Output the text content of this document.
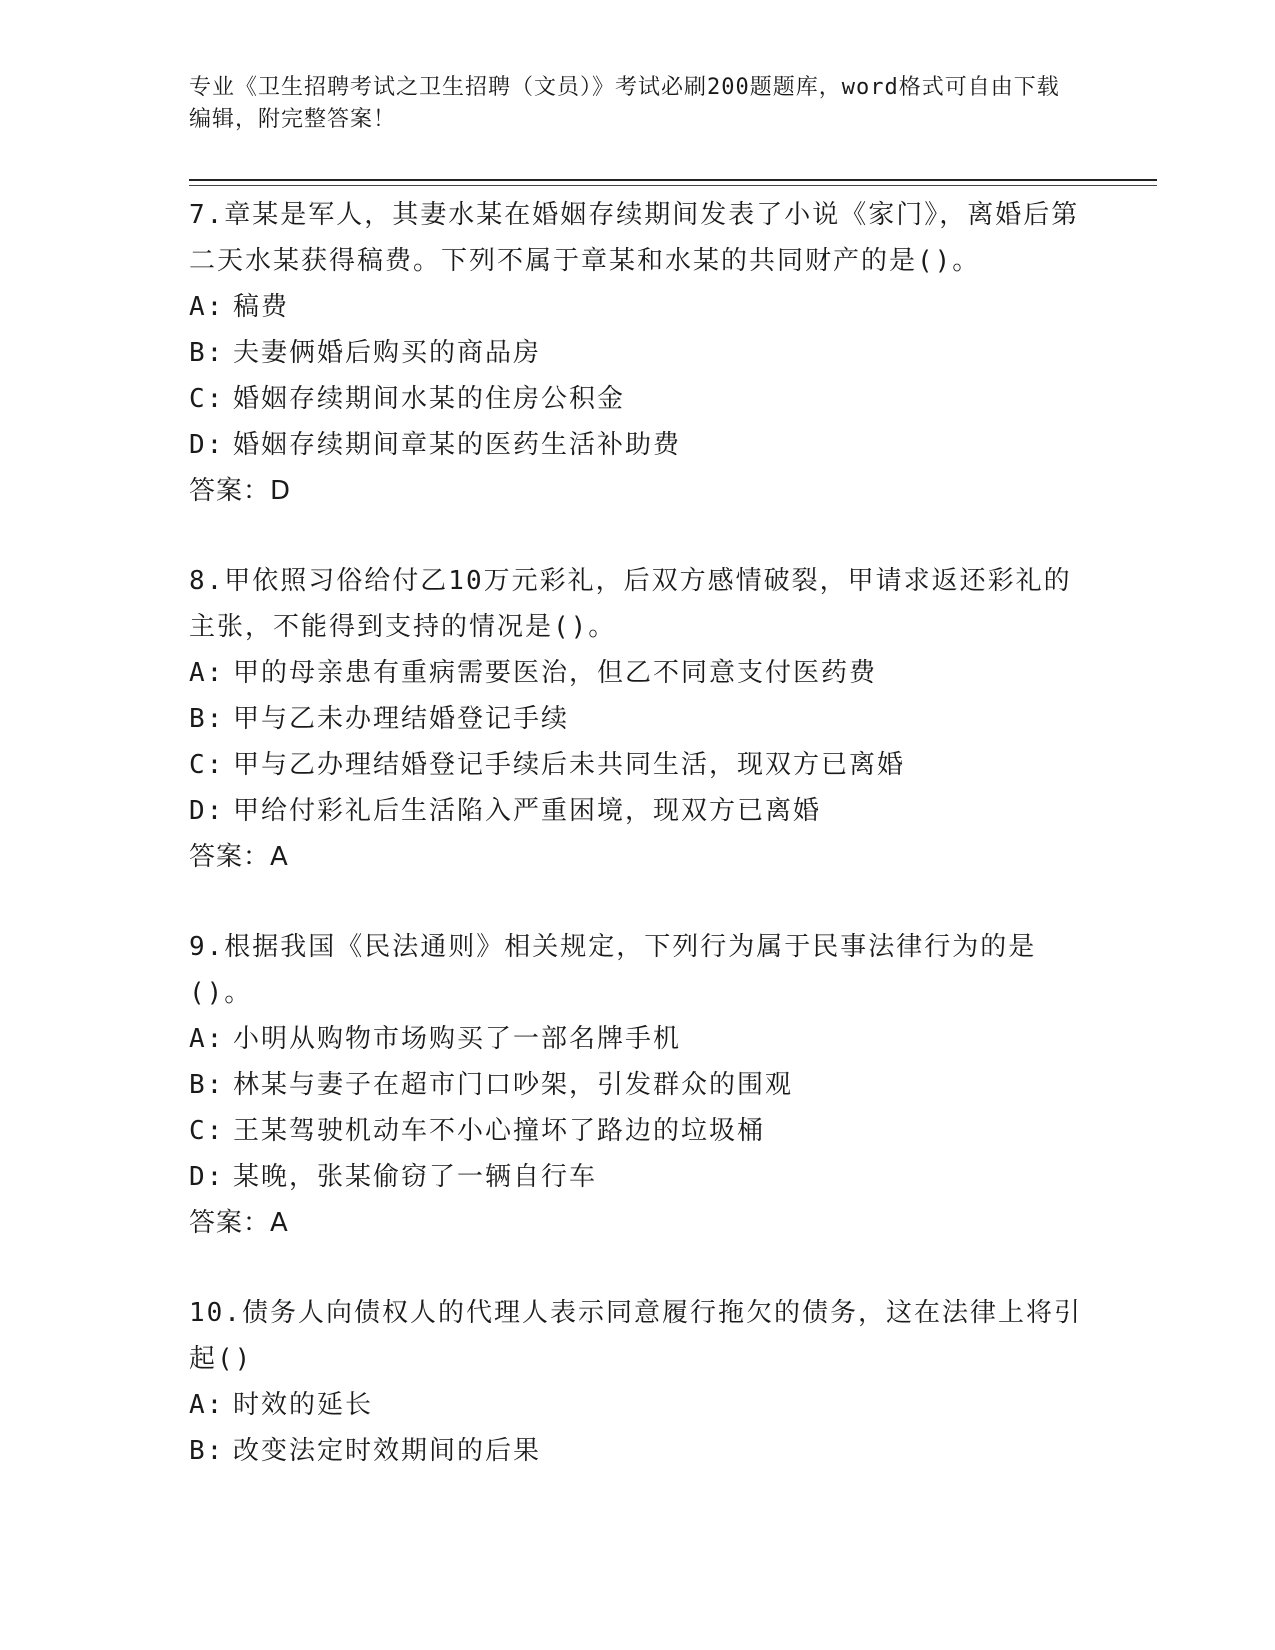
专业《卫生招聘考试之卫生招聘（文员）》考试必刷200题题库，word格式可自由下载编辑，附完整答案！

7.章某是军人，其妻水某在婚姻存续期间发表了小说《家门》，离婚后第二天水某获得稿费。下列不属于章某和水某的共同财产的是()。

A: 稿费

B: 夫妻俩婚后购买的商品房

C: 婚姻存续期间水某的住房公积金

D: 婚姻存续期间章某的医药生活补助费

答案：D

8.甲依照习俗给付乙10万元彩礼，后双方感情破裂，甲请求返还彩礼的主张，不能得到支持的情况是()。

A: 甲的母亲患有重病需要医治，但乙不同意支付医药费

B: 甲与乙未办理结婚登记手续

C: 甲与乙办理结婚登记手续后未共同生活，现双方已离婚

D: 甲给付彩礼后生活陷入严重困境，现双方已离婚

答案：A

9.根据我国《民法通则》相关规定，下列行为属于民事法律行为的是()。

A: 小明从购物市场购买了一部名牌手机

B: 林某与妻子在超市门口吵架，引发群众的围观

C: 王某驾驶机动车不小心撞坏了路边的垃圾桶

D: 某晚，张某偷窃了一辆自行车

答案：A

10.债务人向债权人的代理人表示同意履行拖欠的债务，这在法律上将引起()

A: 时效的延长

B: 改变法定时效期间的后果
